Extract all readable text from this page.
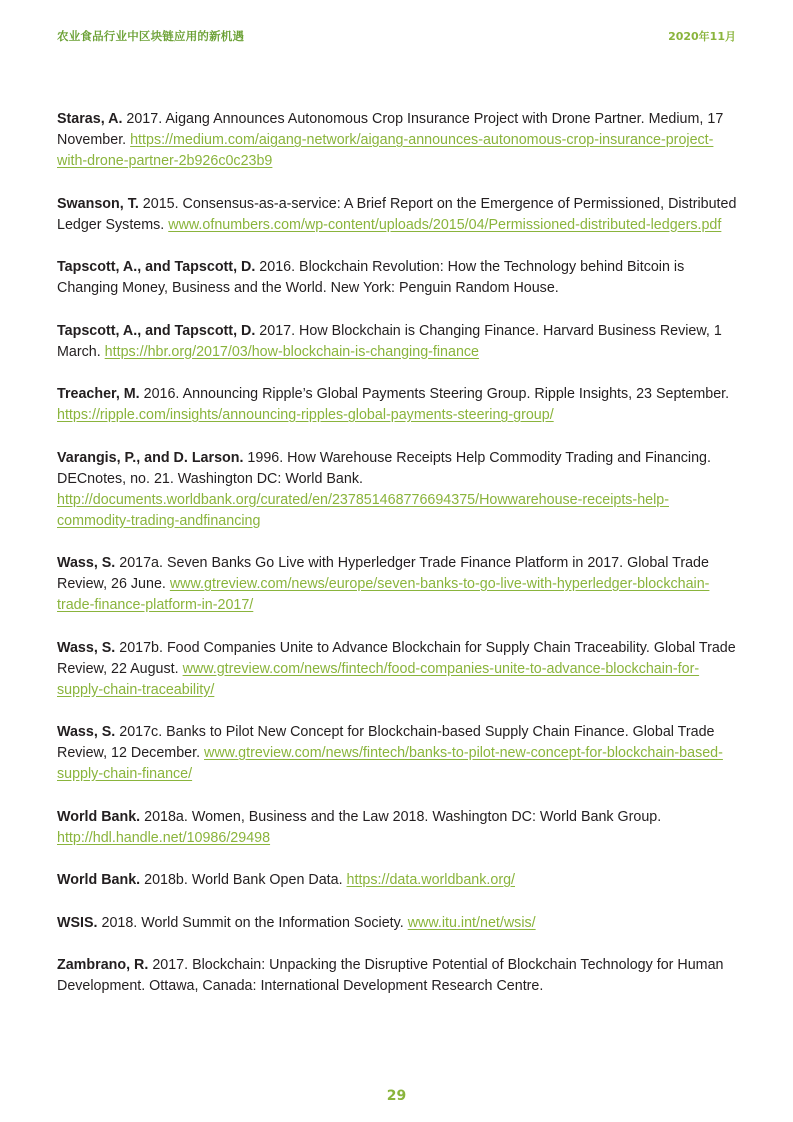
农业食品行业中区块链应用的新机遇	2020年11月

Staras, A. 2017. Aigang Announces Autonomous Crop Insurance Project with Drone Partner. Medium, 17 November. https://medium.com/aigang-network/aigang-announces-autonomous-crop-insurance-project-with-drone-partner-2b926c0c23b9

Swanson, T. 2015. Consensus-as-a-service: A Brief Report on the Emergence of Permissioned, Distributed Ledger Systems. www.ofnumbers.com/wp-content/uploads/2015/04/Permissioned-distributed-ledgers.pdf

Tapscott, A., and Tapscott, D. 2016. Blockchain Revolution: How the Technology behind Bitcoin is Changing Money, Business and the World. New York: Penguin Random House.

Tapscott, A., and Tapscott, D. 2017. How Blockchain is Changing Finance. Harvard Business Review, 1 March. https://hbr.org/2017/03/how-blockchain-is-changing-finance

Treacher, M. 2016. Announcing Ripple’s Global Payments Steering Group. Ripple Insights, 23 September. https://ripple.com/insights/announcing-ripples-global-payments-steering-group/

Varangis, P., and D. Larson. 1996. How Warehouse Receipts Help Commodity Trading and Financing. DECnotes, no. 21. Washington DC: World Bank. http://documents.worldbank.org/curated/en/237851468776694375/Howwarehouse-receipts-help-commodity-trading-andfinancing

Wass, S. 2017a. Seven Banks Go Live with Hyperledger Trade Finance Platform in 2017. Global Trade Review, 26 June. www.gtreview.com/news/europe/seven-banks-to-go-live-with-hyperledger-blockchain-trade-finance-platform-in-2017/

Wass, S. 2017b. Food Companies Unite to Advance Blockchain for Supply Chain Traceability. Global Trade Review, 22 August. www.gtreview.com/news/fintech/food-companies-unite-to-advance-blockchain-for-supply-chain-traceability/

Wass, S. 2017c. Banks to Pilot New Concept for Blockchain-based Supply Chain Finance. Global Trade Review, 12 December. www.gtreview.com/news/fintech/banks-to-pilot-new-concept-for-blockchain-based-supply-chain-finance/

World Bank. 2018a. Women, Business and the Law 2018. Washington DC: World Bank Group. http://hdl.handle.net/10986/29498

World Bank. 2018b. World Bank Open Data. https://data.worldbank.org/

WSIS. 2018. World Summit on the Information Society. www.itu.int/net/wsis/

Zambrano, R. 2017. Blockchain: Unpacking the Disruptive Potential of Blockchain Technology for Human Development. Ottawa, Canada: International Development Research Centre.

29
